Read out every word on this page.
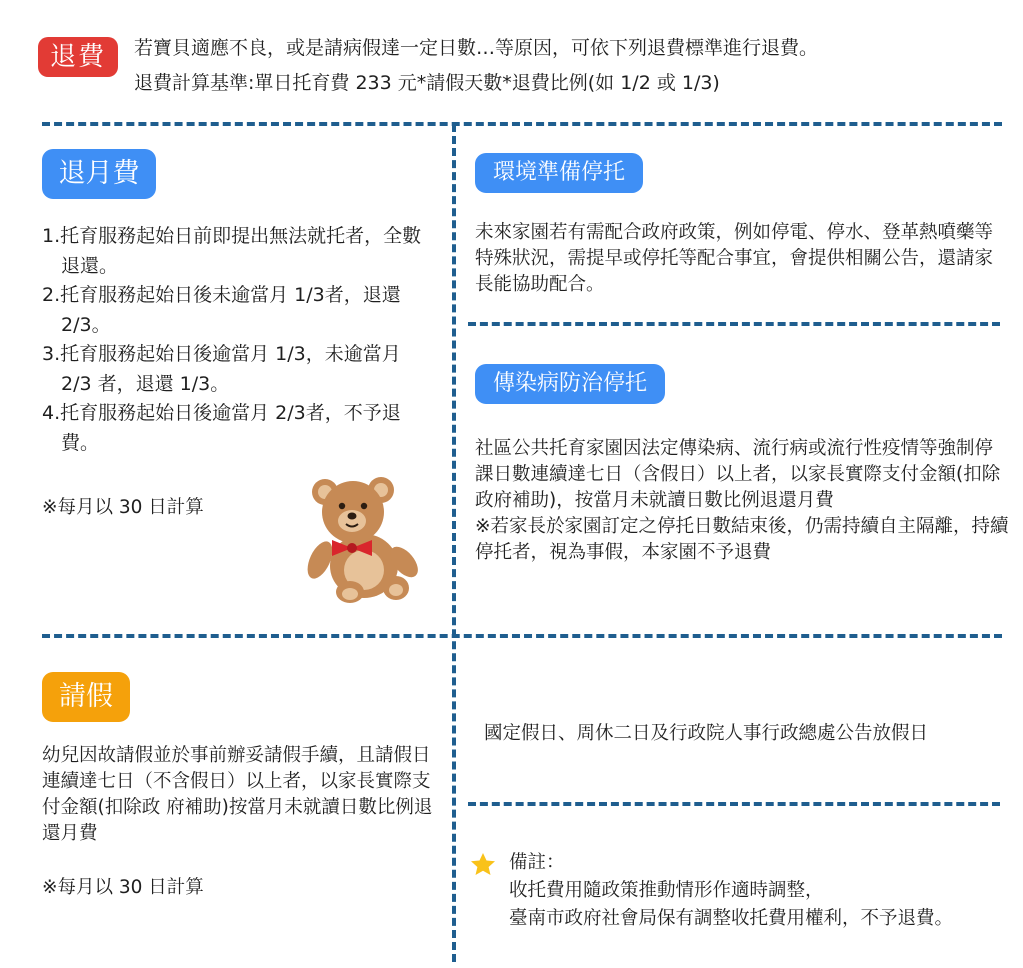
退費	若寶貝適應不良，或是請病假達一定日數…等原因，可依下列退費標準進行退費。
退費計算基準:單日托育費 233 元*請假天數*退費比例(如 1/2 或 1/3)
退月費
1.托育服務起始日前即提出無法就托者，全數退還。
2.托育服務起始日後未逾當月 1/3者，退還 2/3。
3.托育服務起始日後逾當月 1/3，未逾當月 2/3 者，退還 1/3。
4.托育服務起始日後逾當月 2/3者，不予退費。
※每月以 30 日計算
環境準備停托
未來家園若有需配合政府政策，例如停電、停水、登革熱噴藥等特殊狀況，需提早或停托等配合事宜，會提供相關公告，還請家長能協助配合。
傳染病防治停托
社區公共托育家園因法定傳染病、流行病或流行性疫情等強制停課日數連續達七日（含假日）以上者，以家長實際支付金額(扣除政府補助)，按當月未就讀日數比例退還月費
※若家長於家園訂定之停托日數結束後，仍需持續自主隔離，持續停托者，視為事假，本家園不予退費
請假
幼兒因故請假並於事前辦妥請假手續，且請假日連續達七日（不含假日）以上者，以家長實際支付金額(扣除政 府補助)按當月未就讀日數比例退還月費
※每月以 30 日計算
國定假日、周休二日及行政院人事行政總處公告放假日
備註：
收托費用隨政策推動情形作適時調整，
臺南市政府社會局保有調整收托費用權利，不予退費。
